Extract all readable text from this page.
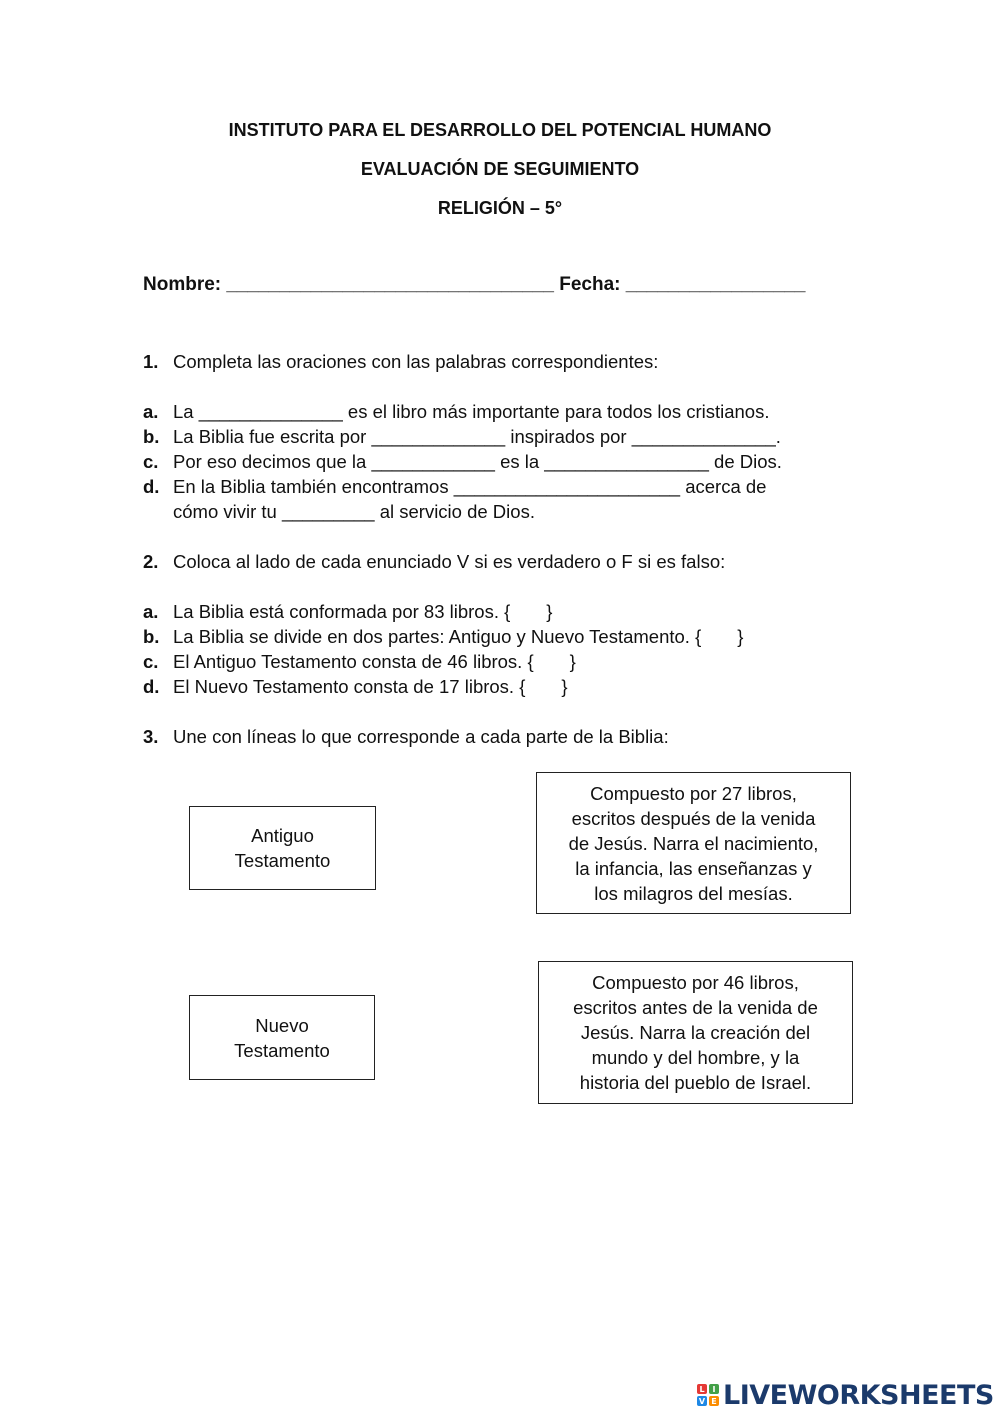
INSTITUTO PARA EL DESARROLLO DEL POTENCIAL HUMANO
EVALUACIÓN DE SEGUIMIENTO
RELIGIÓN – 5°
Nombre: _______________________________ Fecha: _________________
1. Completa las oraciones con las palabras correspondientes:
a. La ______________ es el libro más importante para todos los cristianos.
b. La Biblia fue escrita por _____________ inspirados por ______________.
c. Por eso decimos que la ____________ es la ________________ de Dios.
d. En la Biblia también encontramos ______________________ acerca de
cómo vivir tu _________ al servicio de Dios.
2. Coloca al lado de cada enunciado V si es verdadero o F si es falso:
a. La Biblia está conformada por 83 libros. {       }
b. La Biblia se divide en dos partes: Antiguo y Nuevo Testamento. {       }
c. El Antiguo Testamento consta de 46 libros. {       }
d. El Nuevo Testamento consta de 17 libros. {       }
3. Une con líneas lo que corresponde a cada parte de la Biblia:
Antiguo
Testamento
Nuevo
Testamento
Compuesto por 27 libros,
escritos después de la venida
de Jesús. Narra el nacimiento,
la infancia, las enseñanzas y
los milagros del mesías.
Compuesto por 46 libros,
escritos antes de la venida de
Jesús. Narra la creación del
mundo y del hombre, y la
historia del pueblo de Israel.
L I
V E LIVEWORKSHEETS
